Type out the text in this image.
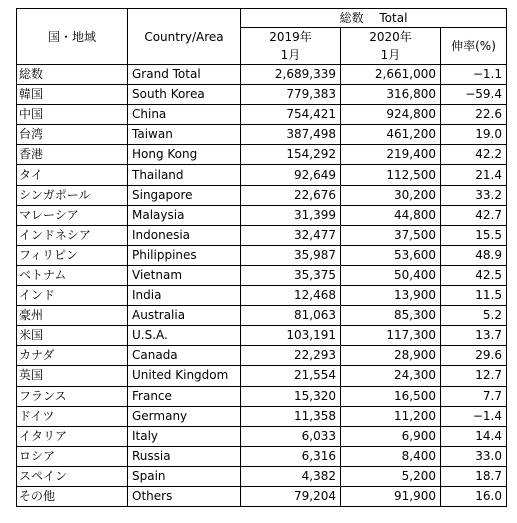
国・地域	Country/Area	総数　 Total		
		2019年	2020年	伸率(%)
		1月	1月	
総数	Grand Total	2,689,339	2,661,000	−1.1
韓国	South Korea	779,383	316,800	−59.4
中国	China	754,421	924,800	22.6
台湾	Taiwan	387,498	461,200	19.0
香港	Hong Kong	154,292	219,400	42.2
タイ	Thailand	92,649	112,500	21.4
シンガポール	Singapore	22,676	30,200	33.2
マレーシア	Malaysia	31,399	44,800	42.7
インドネシア	Indonesia	32,477	37,500	15.5
フィリピン	Philippines	35,987	53,600	48.9
ベトナム	Vietnam	35,375	50,400	42.5
インド	India	12,468	13,900	11.5
豪州	Australia	81,063	85,300	5.2
米国	U.S.A.	103,191	117,300	13.7
カナダ	Canada	22,293	28,900	29.6
英国	United Kingdom	21,554	24,300	12.7
フランス	France	15,320	16,500	7.7
ドイツ	Germany	11,358	11,200	−1.4
イタリア	Italy	6,033	6,900	14.4
ロシア	Russia	6,316	8,400	33.0
スペイン	Spain	4,382	5,200	18.7
その他	Others	79,204	91,900	16.0
